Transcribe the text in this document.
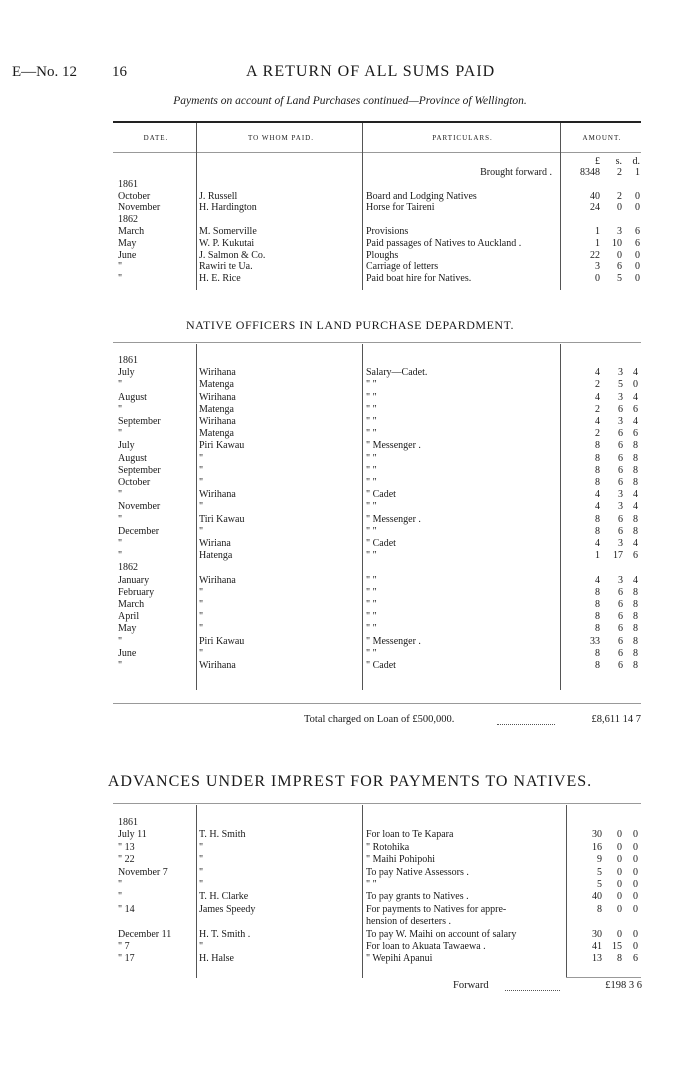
E—No. 12 16	A RETURN OF ALL SUMS PAID
Payments on account of Land Purchases continued—Province of Wellington.
DATE.	TO WHOM PAID.	PARTICULARS.	AMOUNT.
£	s.	d.
Brought forward .	8348	2	1
1861
October	J. Russell	Board and Lodging Natives	40	2	0
November	H. Hardington	Horse for Taireni	24	0	0
1862
March	M. Somerville	Provisions	1	3	6
May	W. P. Kukutai	Paid passages of Natives to Auckland .	1	10	6
June	J. Salmon & Co.	Ploughs	22	0	0
"	Rawiri te Ua.	Carriage of letters	3	6	0
"	H. E. Rice	Paid boat hire for Natives.	0	5	0
NATIVE OFFICERS IN LAND PURCHASE DEPARDMENT.
1861
July	Wirihana	Salary—Cadet.	4	3	4
"	Matenga	" "	2	5	0
August	Wirihana	" "	4	3	4
"	Matenga	" "	2	6	6
September	Wirihana	" "	4	3	4
"	Matenga	" "	2	6	6
July	Piri Kawau	" Messenger .	8	6	8
August	"	" "	8	6	8
September	"	" "	8	6	8
October	"	" "	8	6	8
"	Wirihana	" Cadet	4	3	4
November	"	" "	4	3	4
"	Tiri Kawau	" Messenger .	8	6	8
December	"	" "	8	6	8
"	Wiriana	" Cadet	4	3	4
"	Hatenga	" "	1	17	6
1862
January	Wirihana	" "	4	3	4
February	"	" "	8	6	8
March	"	" "	8	6	8
April	"	" "	8	6	8
May	"	" "	8	6	8
"	Piri Kawau	" Messenger .	33	6	8
June	"	" "	8	6	8
"	Wirihana	" Cadet	8	6	8
Total charged on Loan of £500,000.	£8,611 14 7
ADVANCES UNDER IMPREST FOR PAYMENTS TO NATIVES.
1861
July 11	T. H. Smith	For loan to Te Kapara	30	0	0
" 13	"	" Rotohika	16	0	0
" 22	"	" Maihi Pohipohi	9	0	0
November 7	"	To pay Native Assessors .	5	0	0
"	"	" "	5	0	0
"	T. H. Clarke	To pay grants to Natives .	40	0	0
" 14	James Speedy	For payments to Natives for appre-	8	0	0
hension of deserters .
December 11	H. T. Smith .	To pay W. Maihi on account of salary	30	0	0
" 7	"	For loan to Akuata Tawaewa .	41	15	0
" 17	H. Halse	" Wepihi Apanui	13	8	6
Forward	£198 3 6
